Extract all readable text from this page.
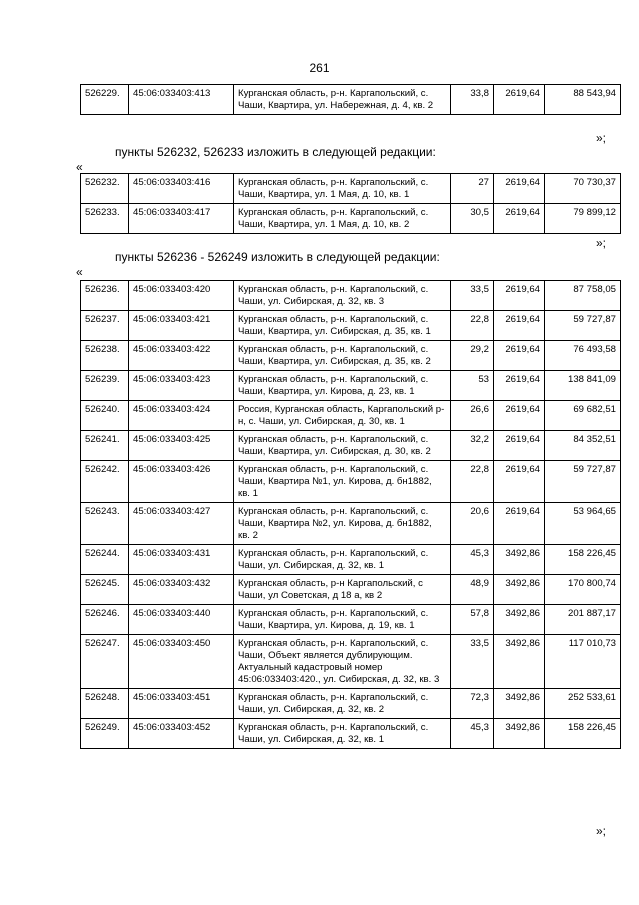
261
526229.	45:06:033403:413	Курганская область, р-н. Каргапольский, с. Чаши, Квартира, ул. Набережная, д. 4, кв. 2	33,8	2619,64	88 543,94
»;
пункты 526232, 526233 изложить в следующей редакции:
«
526232.	45:06:033403:416	Курганская область, р-н. Каргапольский, с. Чаши, Квартира, ул. 1 Мая, д. 10, кв. 1	27	2619,64	70 730,37
526233.	45:06:033403:417	Курганская область, р-н. Каргапольский, с. Чаши, Квартира, ул. 1 Мая, д. 10, кв. 2	30,5	2619,64	79 899,12
»;
пункты 526236 - 526249 изложить в следующей редакции:
«
526236.	45:06:033403:420	Курганская область, р-н. Каргапольский, с. Чаши, ул. Сибирская, д. 32, кв. 3	33,5	2619,64	87 758,05
526237.	45:06:033403:421	Курганская область, р-н. Каргапольский, с. Чаши, Квартира, ул. Сибирская, д. 35, кв. 1	22,8	2619,64	59 727,87
526238.	45:06:033403:422	Курганская область, р-н. Каргапольский, с. Чаши, Квартира, ул. Сибирская, д. 35, кв. 2	29,2	2619,64	76 493,58
526239.	45:06:033403:423	Курганская область, р-н. Каргапольский, с. Чаши, Квартира, ул. Кирова, д. 23, кв. 1	53	2619,64	138 841,09
526240.	45:06:033403:424	Россия, Курганская область, Каргапольский р-н, с. Чаши, ул. Сибирская, д. 30, кв. 1	26,6	2619,64	69 682,51
526241.	45:06:033403:425	Курганская область, р-н. Каргапольский, с. Чаши, Квартира, ул. Сибирская, д. 30, кв. 2	32,2	2619,64	84 352,51
526242.	45:06:033403:426	Курганская область, р-н. Каргапольский, с. Чаши, Квартира №1, ул. Кирова, д. бн1882, кв. 1	22,8	2619,64	59 727,87
526243.	45:06:033403:427	Курганская область, р-н. Каргапольский, с. Чаши, Квартира №2, ул. Кирова, д. бн1882, кв. 2	20,6	2619,64	53 964,65
526244.	45:06:033403:431	Курганская область, р-н. Каргапольский, с. Чаши, ул. Сибирская, д. 32, кв. 1	45,3	3492,86	158 226,45
526245.	45:06:033403:432	Курганская область, р-н Каргапольский, с Чаши, ул Советская, д 18 а, кв 2	48,9	3492,86	170 800,74
526246.	45:06:033403:440	Курганская область, р-н. Каргапольский, с. Чаши, Квартира, ул. Кирова, д. 19, кв. 1	57,8	3492,86	201 887,17
526247.	45:06:033403:450	Курганская область, р-н. Каргапольский, с. Чаши, Объект является дублирующим. Актуальный кадастровый номер 45:06:033403:420., ул. Сибирская, д. 32, кв. 3	33,5	3492,86	117 010,73
526248.	45:06:033403:451	Курганская область, р-н. Каргапольский, с. Чаши, ул. Сибирская, д. 32, кв. 2	72,3	3492,86	252 533,61
526249.	45:06:033403:452	Курганская область, р-н. Каргапольский, с. Чаши, ул. Сибирская, д. 32, кв. 1	45,3	3492,86	158 226,45
»;
